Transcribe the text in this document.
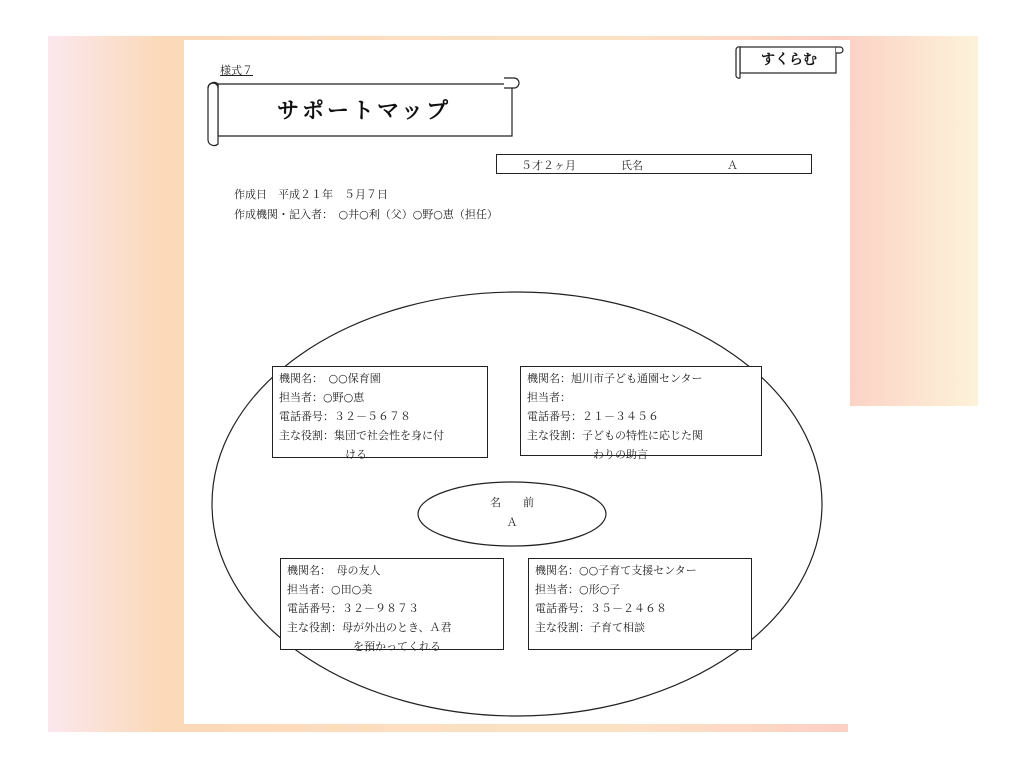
様式７
サポートマップ
すくらむ
５才２ヶ月	氏名	Ａ
作成日　平成２１年　５月７日
作成機関・記入者：　○井○利（父）○野○恵（担任）
名　　前
Ａ
機関名：　○○保育園
担当者：○野○恵
電話番号：３２－５６７８
主な役割：集団で社会性を身に付
ける
機関名：旭川市子ども通園センター
担当者：
電話番号：２１－３４５６
主な役割：子どもの特性に応じた関
わりの助言
機関名：　母の友人
担当者：○田○美
電話番号：３２－９８７３
主な役割：母が外出のとき、Ａ君
を預かってくれる
機関名：○○子育て支援センター
担当者：○形○子
電話番号：３５－２４６８
主な役割：子育て相談
